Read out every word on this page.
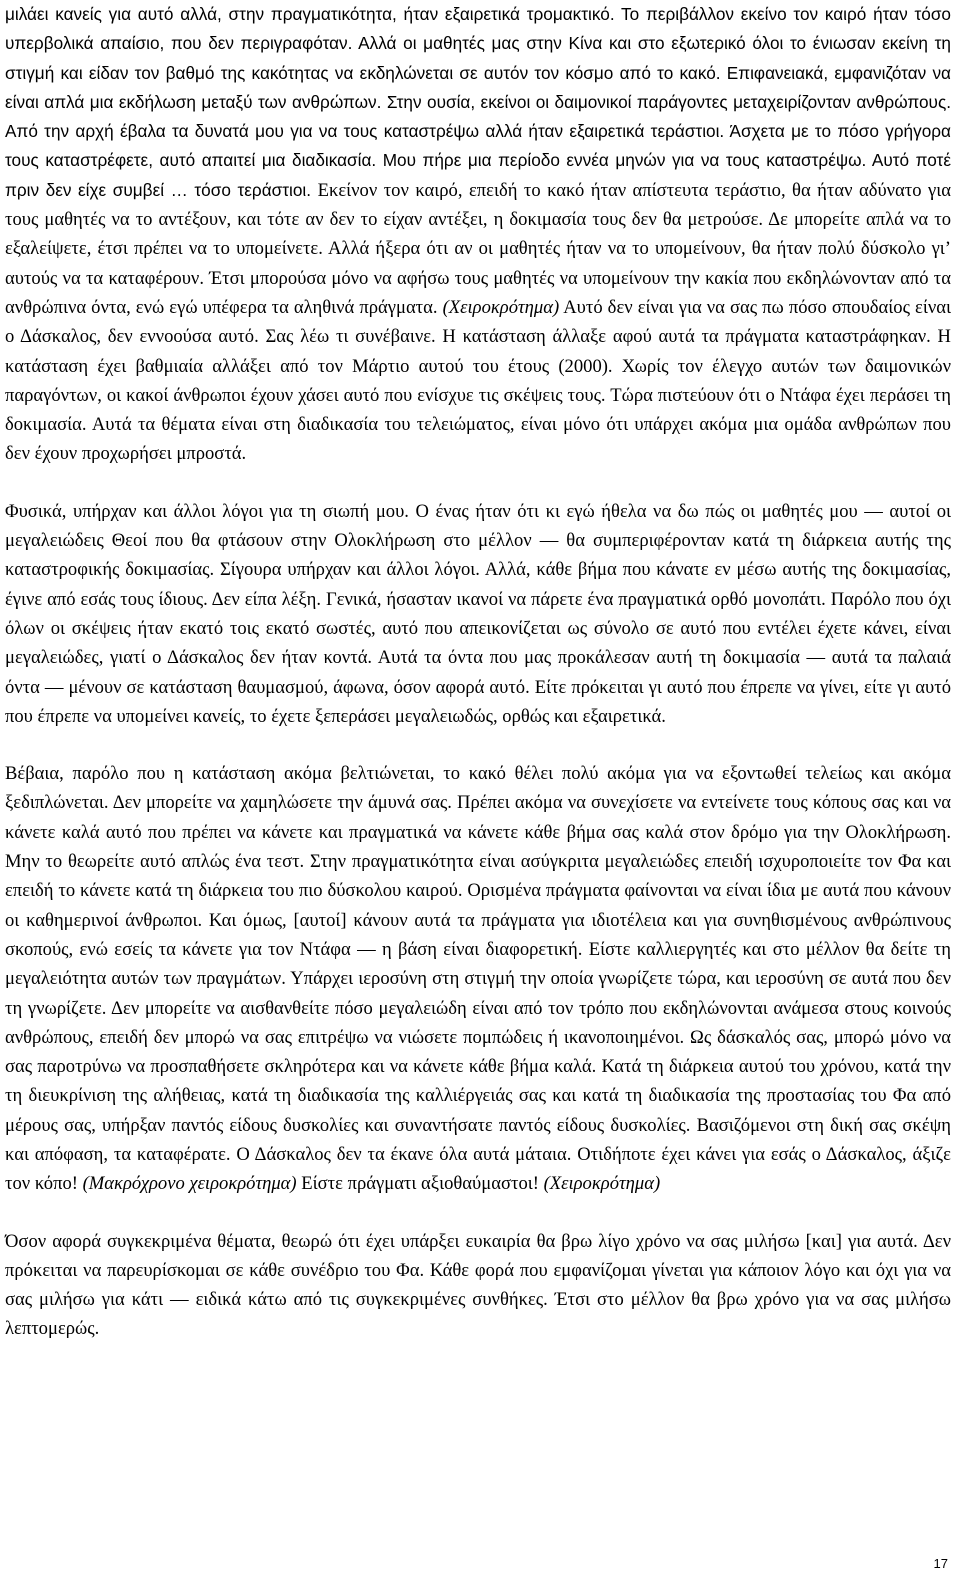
μιλάει κανείς για αυτό αλλά, στην πραγματικότητα, ήταν εξαιρετικά τρομακτικό. Το περιβάλλον εκείνο τον καιρό ήταν τόσο υπερβολικά απαίσιο, που δεν περιγραφόταν. Αλλά οι μαθητές μας στην Κίνα και στο εξωτερικό όλοι το ένιωσαν εκείνη τη στιγμή και είδαν τον βαθμό της κακότητας να εκδηλώνεται σε αυτόν τον κόσμο από το κακό. Επιφανειακά, εμφανιζόταν να είναι απλά μια εκδήλωση μεταξύ των ανθρώπων. Στην ουσία, εκείνοι οι δαιμονικοί παράγοντες μεταχειρίζονταν ανθρώπους. Από την αρχή έβαλα τα δυνατά μου για να τους καταστρέψω αλλά ήταν εξαιρετικά τεράστιοι. Άσχετα με το πόσο γρήγορα τους καταστρέφετε, αυτό απαιτεί μια διαδικασία. Μου πήρε μια περίοδο εννέα μηνών για να τους καταστρέψω. Αυτό ποτέ πριν δεν είχε συμβεί … τόσο τεράστιοι. Εκείνον τον καιρό, επειδή το κακό ήταν απίστευτα τεράστιο, θα ήταν αδύνατο για τους μαθητές να το αντέξουν, και τότε αν δεν το είχαν αντέξει, η δοκιμασία τους δεν θα μετρούσε. Δε μπορείτε απλά να το εξαλείψετε, έτσι πρέπει να το υπομείνετε. Αλλά ήξερα ότι αν οι μαθητές ήταν να το υπομείνουν, θα ήταν πολύ δύσκολο γι’ αυτούς να τα καταφέρουν. Έτσι μπορούσα μόνο να αφήσω τους μαθητές να υπομείνουν την κακία που εκδηλώνονταν από τα ανθρώπινα όντα, ενώ εγώ υπέφερα τα αληθινά πράγματα. (Χειροκρότημα) Αυτό δεν είναι για να σας πω πόσο σπουδαίος είναι ο Δάσκαλος, δεν εννοούσα αυτό. Σας λέω τι συνέβαινε. Η κατάσταση άλλαξε αφού αυτά τα πράγματα καταστράφηκαν. Η κατάσταση έχει βαθμιαία αλλάξει από τον Μάρτιο αυτού του έτους (2000). Χωρίς τον έλεγχο αυτών των δαιμονικών παραγόντων, οι κακοί άνθρωποι έχουν χάσει αυτό που ενίσχυε τις σκέψεις τους. Τώρα πιστεύουν ότι ο Ντάφα έχει περάσει τη δοκιμασία. Αυτά τα θέματα είναι στη διαδικασία του τελειώματος, είναι μόνο ότι υπάρχει ακόμα μια ομάδα ανθρώπων που δεν έχουν προχωρήσει μπροστά.

Φυσικά, υπήρχαν και άλλοι λόγοι για τη σιωπή μου. Ο ένας ήταν ότι κι εγώ ήθελα να δω πώς οι μαθητές μου — αυτοί οι μεγαλειώδεις Θεοί που θα φτάσουν στην Ολοκλήρωση στο μέλλον — θα συμπεριφέρονταν κατά τη διάρκεια αυτής της καταστροφικής δοκιμασίας. Σίγουρα υπήρχαν και άλλοι λόγοι. Αλλά, κάθε βήμα που κάνατε εν μέσω αυτής της δοκιμασίας, έγινε από εσάς τους ίδιους. Δεν είπα λέξη. Γενικά, ήσασταν ικανοί να πάρετε ένα πραγματικά ορθό μονοπάτι. Παρόλο που όχι όλων οι σκέψεις ήταν εκατό τοις εκατό σωστές, αυτό που απεικονίζεται ως σύνολο σε αυτό που εντέλει έχετε κάνει, είναι μεγαλειώδες, γιατί ο Δάσκαλος δεν ήταν κοντά. Αυτά τα όντα που μας προκάλεσαν αυτή τη δοκιμασία — αυτά τα παλαιά όντα — μένουν σε κατάσταση θαυμασμού, άφωνα, όσον αφορά αυτό. Είτε πρόκειται γι αυτό που έπρεπε να γίνει, είτε γι αυτό που έπρεπε να υπομείνει κανείς, το έχετε ξεπεράσει μεγαλειωδώς, ορθώς και εξαιρετικά.

Βέβαια, παρόλο που η κατάσταση ακόμα βελτιώνεται, το κακό θέλει πολύ ακόμα για να εξοντωθεί τελείως και ακόμα ξεδιπλώνεται. Δεν μπορείτε να χαμηλώσετε την άμυνά σας. Πρέπει ακόμα να συνεχίσετε να εντείνετε τους κόπους σας και να κάνετε καλά αυτό που πρέπει να κάνετε και πραγματικά να κάνετε κάθε βήμα σας καλά στον δρόμο για την Ολοκλήρωση. Μην το θεωρείτε αυτό απλώς ένα τεστ. Στην πραγματικότητα είναι ασύγκριτα μεγαλειώδες επειδή ισχυροποιείτε τον Φα και επειδή το κάνετε κατά τη διάρκεια του πιο δύσκολου καιρού. Ορισμένα πράγματα φαίνονται να είναι ίδια με αυτά που κάνουν οι καθημερινοί άνθρωποι. Και όμως, [αυτοί] κάνουν αυτά τα πράγματα για ιδιοτέλεια και για συνηθισμένους ανθρώπινους σκοπούς, ενώ εσείς τα κάνετε για τον Ντάφα — η βάση είναι διαφορετική. Είστε καλλιεργητές και στο μέλλον θα δείτε τη μεγαλειότητα αυτών των πραγμάτων. Υπάρχει ιεροσύνη στη στιγμή την οποία γνωρίζετε τώρα, και ιεροσύνη σε αυτά που δεν τη γνωρίζετε. Δεν μπορείτε να αισθανθείτε πόσο μεγαλειώδη είναι από τον τρόπο που εκδηλώνονται ανάμεσα στους κοινούς ανθρώπους, επειδή δεν μπορώ να σας επιτρέψω να νιώσετε πομπώδεις ή ικανοποιημένοι. Ως δάσκαλός σας, μπορώ μόνο να σας παροτρύνω να προσπαθήσετε σκληρότερα και να κάνετε κάθε βήμα καλά. Κατά τη διάρκεια αυτού του χρόνου, κατά την τη διευκρίνιση της αλήθειας, κατά τη διαδικασία της καλλιέργειάς σας και κατά τη διαδικασία της προστασίας του Φα από μέρους σας, υπήρξαν παντός είδους δυσκολίες και συναντήσατε παντός είδους δυσκολίες. Βασιζόμενοι στη δική σας σκέψη και απόφαση, τα καταφέρατε. Ο Δάσκαλος δεν τα έκανε όλα αυτά μάταια. Οτιδήποτε έχει κάνει για εσάς ο Δάσκαλος, άξιζε τον κόπο! (Μακρόχρονο χειροκρότημα) Είστε πράγματι αξιοθαύμαστοι! (Χειροκρότημα)

Όσον αφορά συγκεκριμένα θέματα, θεωρώ ότι έχει υπάρξει ευκαιρία θα βρω λίγο χρόνο να σας μιλήσω [και] για αυτά. Δεν πρόκειται να παρευρίσκομαι σε κάθε συνέδριο του Φα. Κάθε φορά που εμφανίζομαι γίνεται για κάποιον λόγο και όχι για να σας μιλήσω για κάτι — ειδικά κάτω από τις συγκεκριμένες συνθήκες. Έτσι στο μέλλον θα βρω χρόνο για να σας μιλήσω λεπτομερώς.

17
